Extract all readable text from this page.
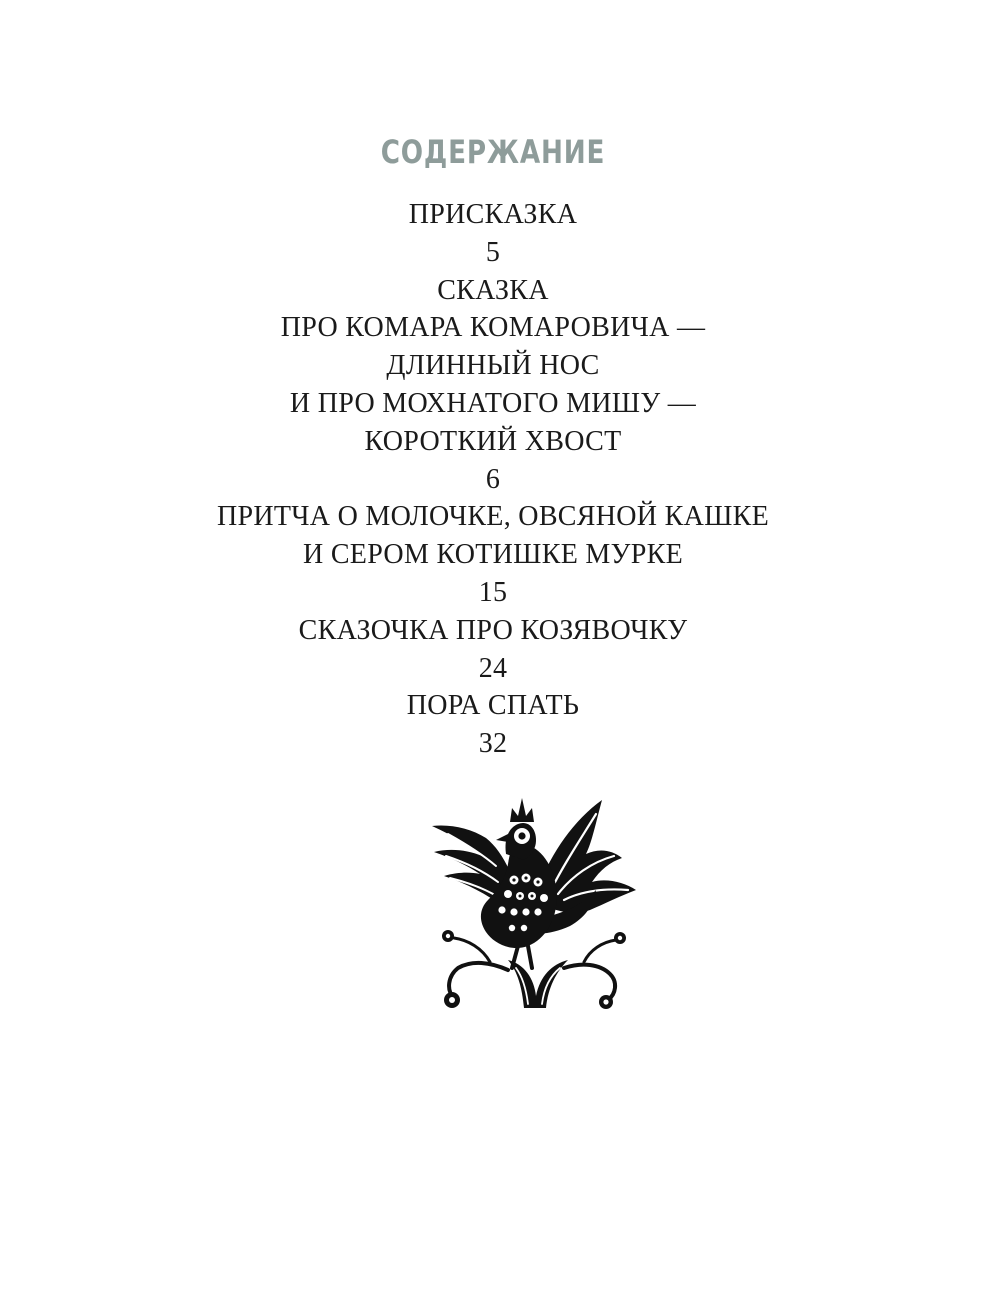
СОДЕРЖАНИЕ
ПРИСКАЗКА
5
СКАЗКА
ПРО КОМАРА КОМАРОВИЧА —
ДЛИННЫЙ НОС
И ПРО МОХНАТОГО МИШУ —
КОРОТКИЙ ХВОСТ
6
ПРИТЧА О МОЛОЧКЕ, ОВСЯНОЙ КАШКЕ
И СЕРОМ КОТИШКЕ МУРКЕ
15
СКАЗОЧКА ПРО КОЗЯВОЧКУ
24
ПОРА СПАТЬ
32
